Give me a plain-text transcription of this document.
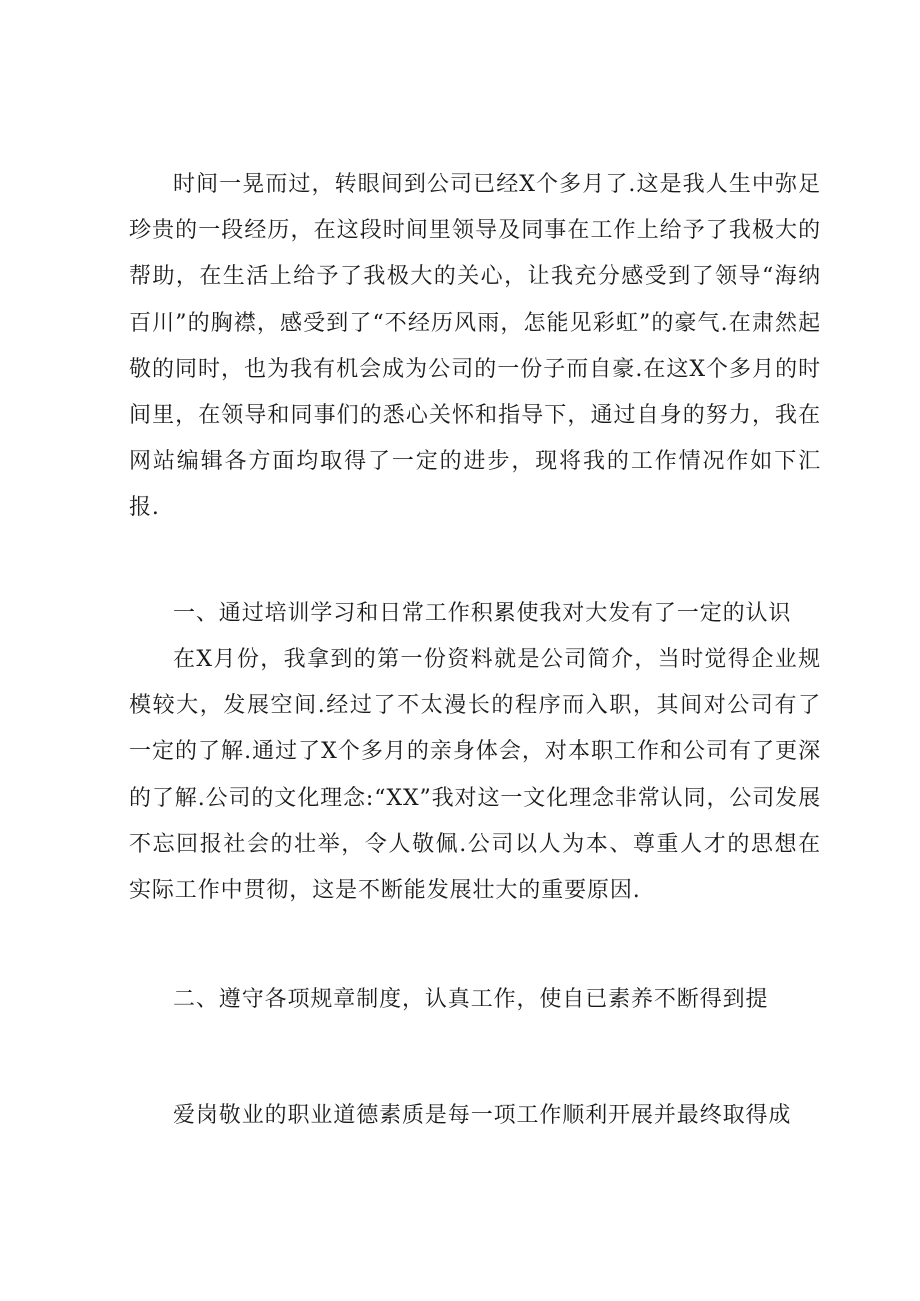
时间一晃而过，转眼间到公司已经X个多月了.这是我人生中弥足珍贵的一段经历，在这段时间里领导及同事在工作上给予了我极大的帮助，在生活上给予了我极大的关心，让我充分感受到了领导“海纳百川”的胸襟，感受到了“不经历风雨，怎能见彩虹”的豪气.在肃然起敬的同时，也为我有机会成为公司的一份子而自豪.在这X个多月的时间里，在领导和同事们的悉心关怀和指导下，通过自身的努力，我在网站编辑各方面均取得了一定的进步，现将我的工作情况作如下汇报.
一、通过培训学习和日常工作积累使我对大发有了一定的认识
在X月份，我拿到的第一份资料就是公司简介，当时觉得企业规模较大，发展空间.经过了不太漫长的程序而入职，其间对公司有了一定的了解.通过了X个多月的亲身体会，对本职工作和公司有了更深的了解.公司的文化理念:“XX”我对这一文化理念非常认同，公司发展不忘回报社会的壮举，令人敬佩.公司以人为本、尊重人才的思想在实际工作中贯彻，这是不断能发展壮大的重要原因.
二、遵守各项规章制度，认真工作，使自已素养不断得到提
爱岗敬业的职业道德素质是每一项工作顺利开展并最终取得成
